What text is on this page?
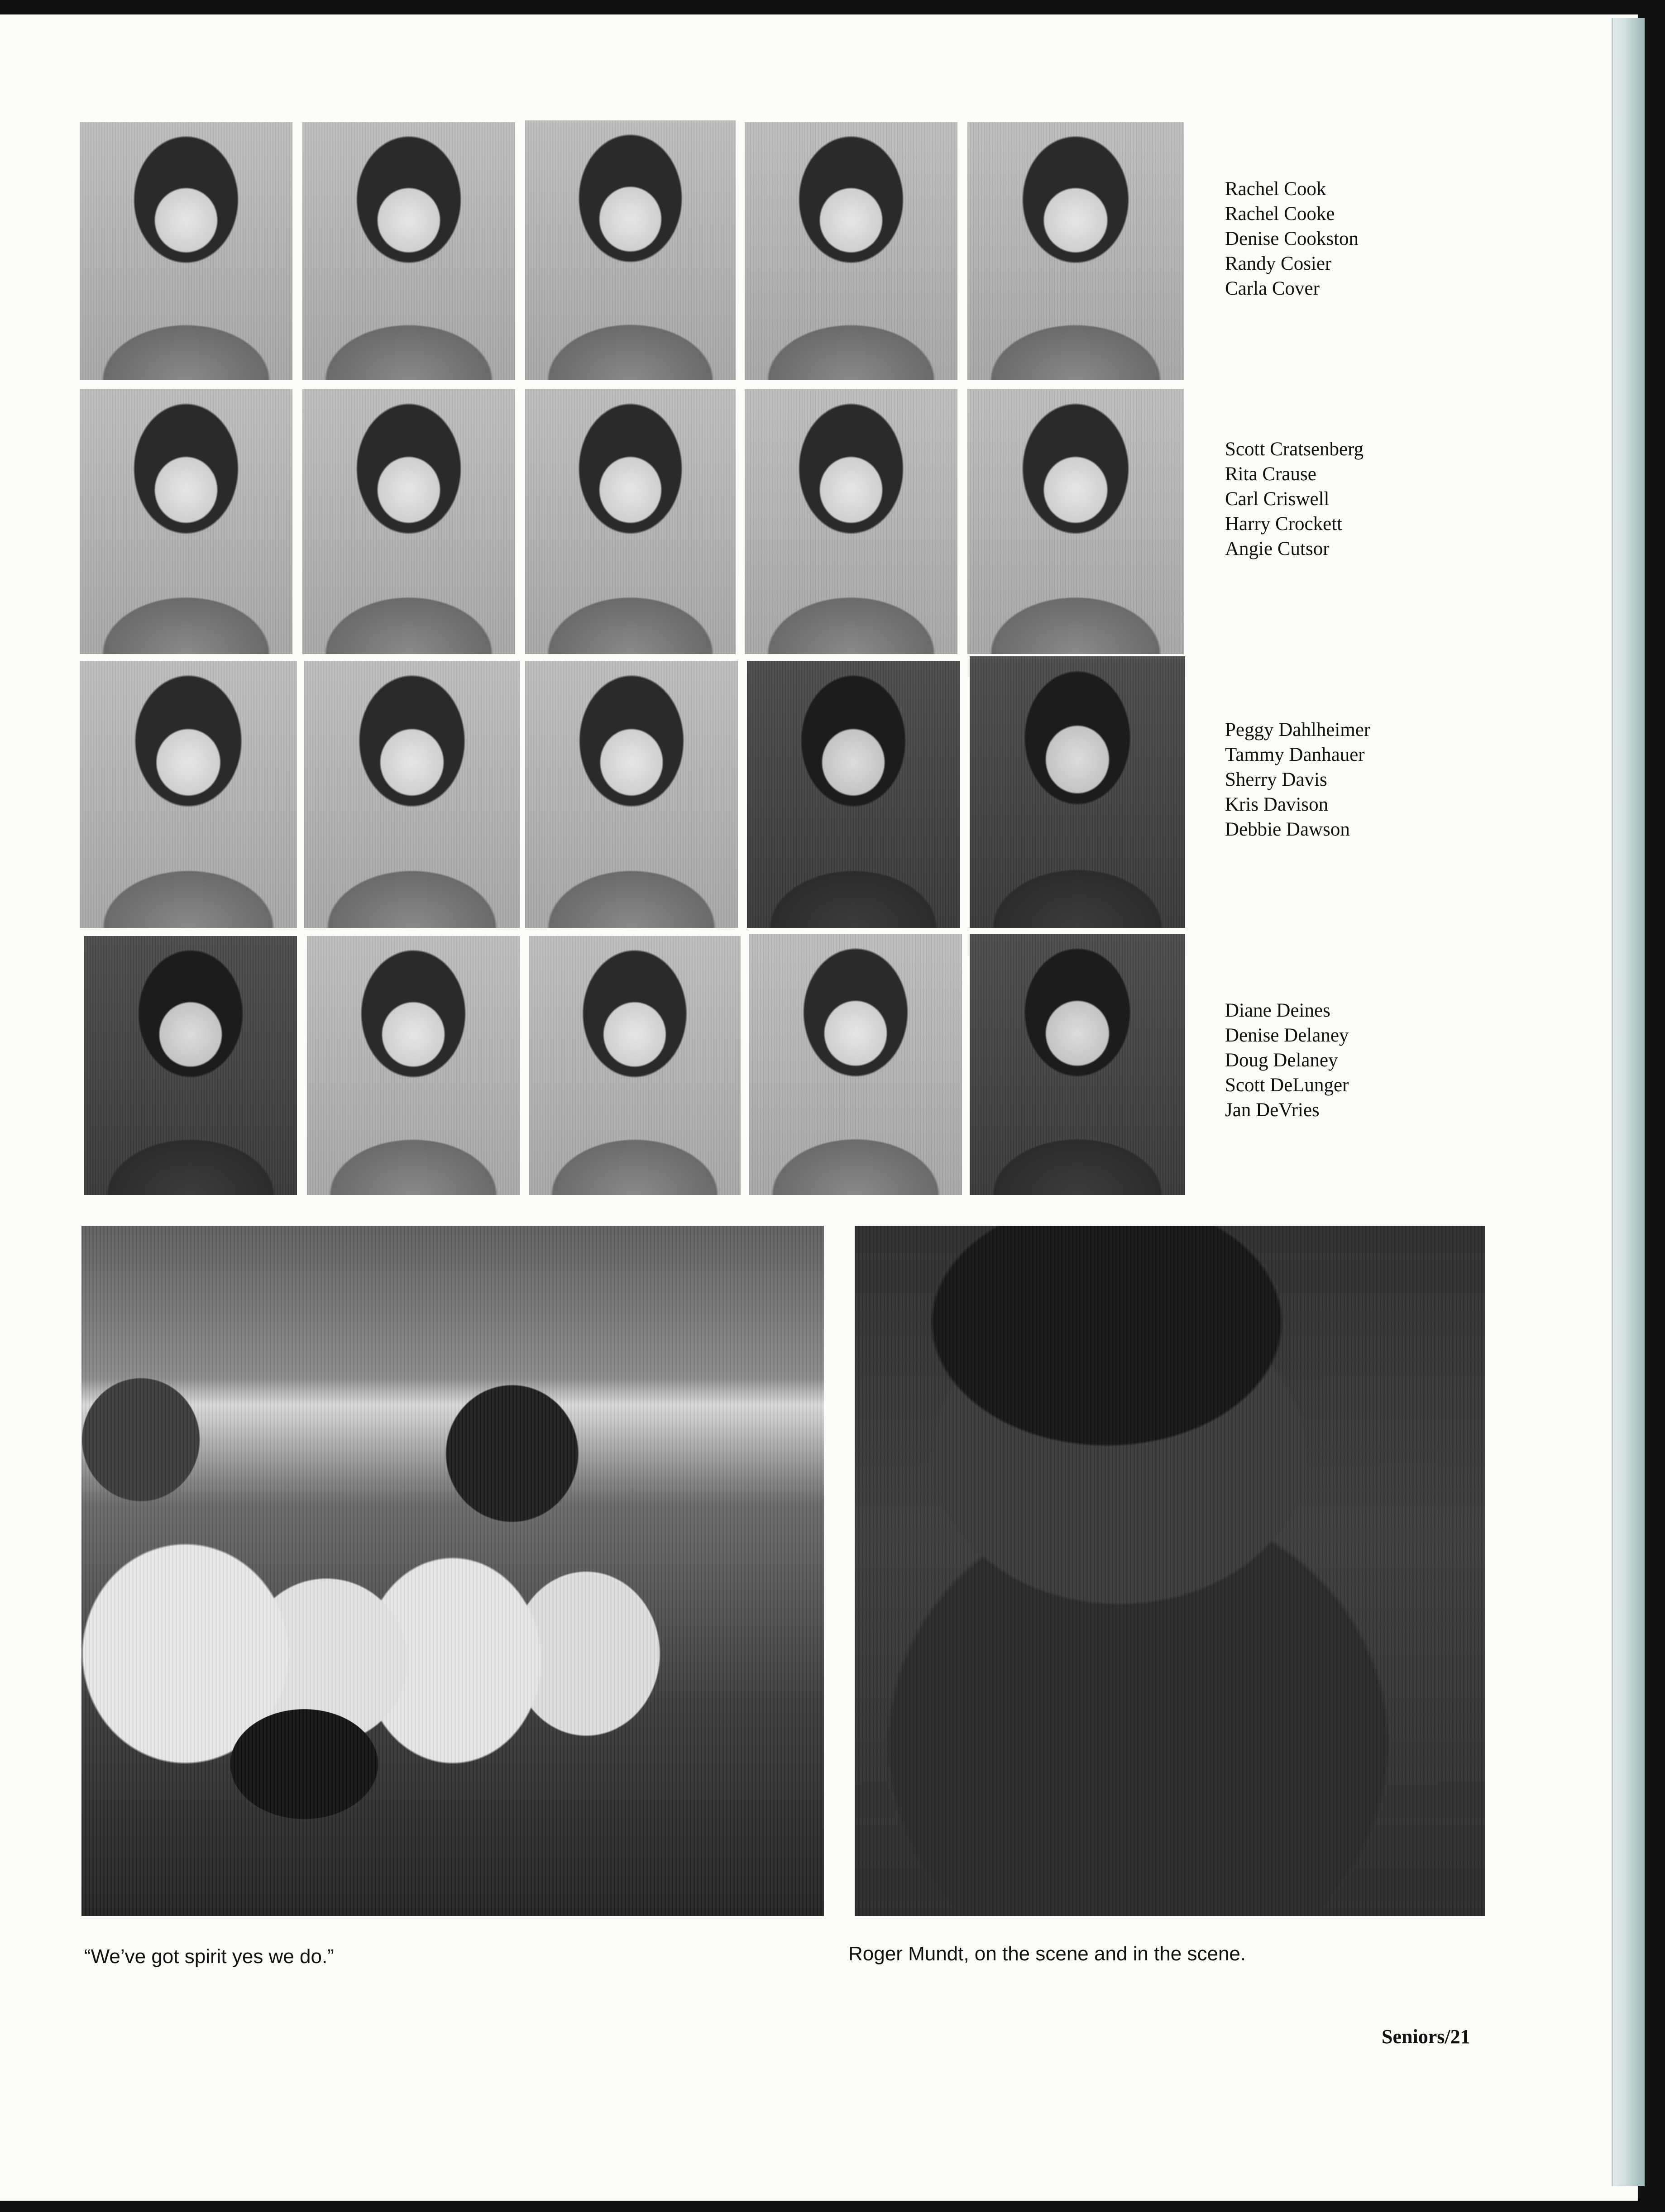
Rachel Cook
Rachel Cooke
Denise Cookston
Randy Cosier
Carla Cover
Scott Cratsenberg
Rita Crause
Carl Criswell
Harry Crockett
Angie Cutsor
Peggy Dahlheimer
Tammy Danhauer
Sherry Davis
Kris Davison
Debbie Dawson
Diane Deines
Denise Delaney
Doug Delaney
Scott DeLunger
Jan DeVries
“We’ve got spirit yes we do.”	Roger Mundt, on the scene and in the scene.
Seniors/21
